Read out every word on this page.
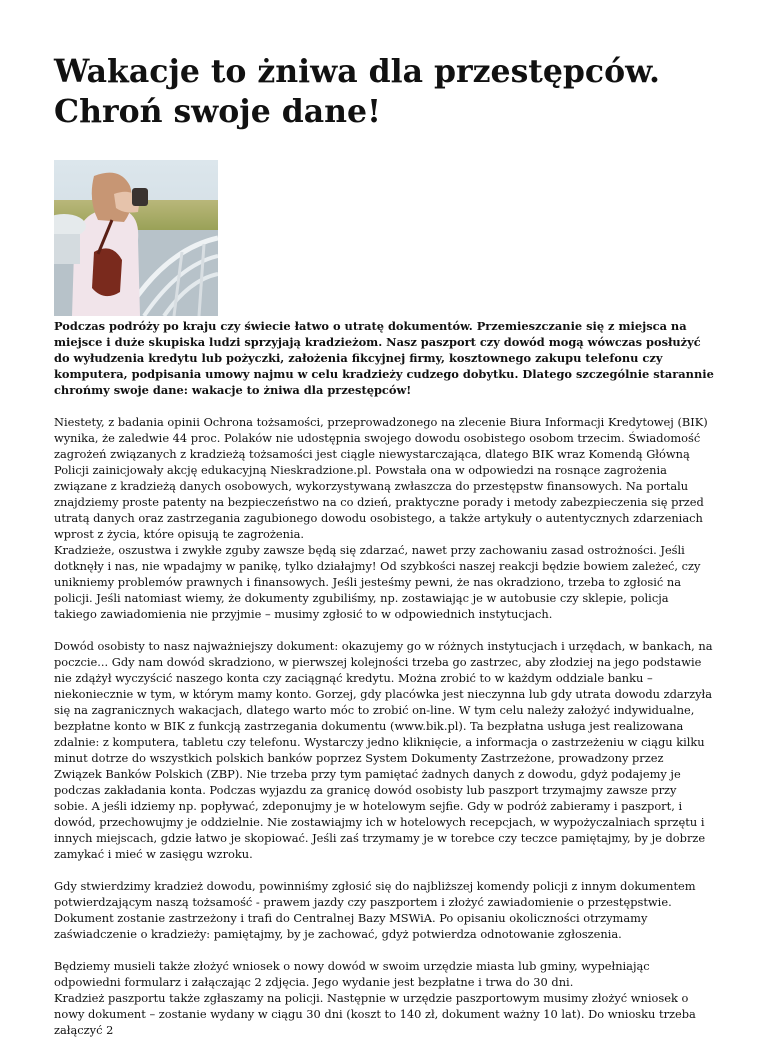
Wakacje to żniwa dla przestępców. Chroń swoje dane!

Podczas podróży po kraju czy świecie łatwo o utratę dokumentów. Przemieszczanie się z miejsca na miejsce i duże skupiska ludzi sprzyjają kradzieżom. Nasz paszport czy dowód mogą wówczas posłużyć do wyłudzenia kredytu lub pożyczki, założenia fikcyjnej firmy, kosztownego zakupu telefonu czy komputera, podpisania umowy najmu w celu kradzieży cudzego dobytku. Dlatego szczególnie starannie chrońmy swoje dane: wakacje to żniwa dla przestępców!

Niestety, z badania opinii Ochrona tożsamości, przeprowadzonego na zlecenie Biura Informacji Kredytowej (BIK) wynika, że zaledwie 44 proc. Polaków nie udostępnia swojego dowodu osobistego osobom trzecim. Świadomość zagrożeń związanych z kradzieżą tożsamości jest ciągle niewystarczająca, dlatego BIK wraz Komendą Główną Policji zainicjowały akcję edukacyjną Nieskradzione.pl. Powstała ona w odpowiedzi na rosnące zagrożenia związane z kradzieżą danych osobowych, wykorzystywaną zwłaszcza do przestępstw finansowych. Na portalu znajdziemy proste patenty na bezpieczeństwo na co dzień, praktyczne porady i metody zabezpieczenia się przed utratą danych oraz zastrzegania zagubionego dowodu osobistego, a także artykuły o autentycznych zdarzeniach wprost z życia, które opisują te zagrożenia.

Kradzieże, oszustwa i zwykłe zguby zawsze będą się zdarzać, nawet przy zachowaniu zasad ostrożności. Jeśli dotknęły i nas, nie wpadajmy w panikę, tylko działajmy! Od szybkości naszej reakcji będzie bowiem zależeć, czy unikniemy problemów prawnych i finansowych. Jeśli jesteśmy pewni, że nas okradziono, trzeba to zgłosić na policji. Jeśli natomiast wiemy, że dokumenty zgubiliśmy, np. zostawiając je w autobusie czy sklepie, policja takiego zawiadomienia nie przyjmie – musimy zgłosić to w odpowiednich instytucjach.

Dowód osobisty to nasz najważniejszy dokument: okazujemy go w różnych instytucjach i urzędach, w bankach, na poczcie... Gdy nam dowód skradziono, w pierwszej kolejności trzeba go zastrzec, aby złodziej na jego podstawie nie zdążył wyczyścić naszego konta czy zaciągnąć kredytu. Można zrobić to w każdym oddziale banku – niekoniecznie w tym, w którym mamy konto. Gorzej, gdy placówka jest nieczynna lub gdy utrata dowodu zdarzyła się na zagranicznych wakacjach, dlatego warto móc to zrobić on-line. W tym celu należy założyć indywidualne, bezpłatne konto w BIK z funkcją zastrzegania dokumentu (www.bik.pl). Ta bezpłatna usługa jest realizowana zdalnie: z komputera, tabletu czy telefonu. Wystarczy jedno kliknięcie, a informacja o zastrzeżeniu w ciągu kilku minut dotrze do wszystkich polskich banków poprzez System Dokumenty Zastrzeżone, prowadzony przez Związek Banków Polskich (ZBP). Nie trzeba przy tym pamiętać żadnych danych z dowodu, gdyż podajemy je podczas zakładania konta. Podczas wyjazdu za granicę dowód osobisty lub paszport trzymajmy zawsze przy sobie. A jeśli idziemy np. popływać, zdeponujmy je w hotelowym sejfie. Gdy w podróż zabieramy i paszport, i dowód, przechowujmy je oddzielnie. Nie zostawiajmy ich w hotelowych recepcjach, w wypożyczalniach sprzętu i innych miejscach, gdzie łatwo je skopiować. Jeśli zaś trzymamy je w torebce czy teczce pamiętajmy, by je dobrze zamykać i mieć w zasięgu wzroku.

Gdy stwierdzimy kradzież dowodu, powinniśmy zgłosić się do najbliższej komendy policji z innym dokumentem potwierdzającym naszą tożsamość - prawem jazdy czy paszportem i złożyć zawiadomienie o przestępstwie. Dokument zostanie zastrzeżony i trafi do Centralnej Bazy MSWiA. Po opisaniu okoliczności otrzymamy zaświadczenie o kradzieży: pamiętajmy, by je zachować, gdyż potwierdza odnotowanie zgłoszenia.

Będziemy musieli także złożyć wniosek o nowy dowód w swoim urzędzie miasta lub gminy, wypełniając odpowiedni formularz i załączając 2 zdjęcia. Jego wydanie jest bezpłatne i trwa do 30 dni.

Kradzież paszportu także zgłaszamy na policji. Następnie w urzędzie paszportowym musimy złożyć wniosek o nowy dokument – zostanie wydany w ciągu 30 dni (koszt to 140 zł, dokument ważny 10 lat). Do wniosku trzeba załączyć 2
